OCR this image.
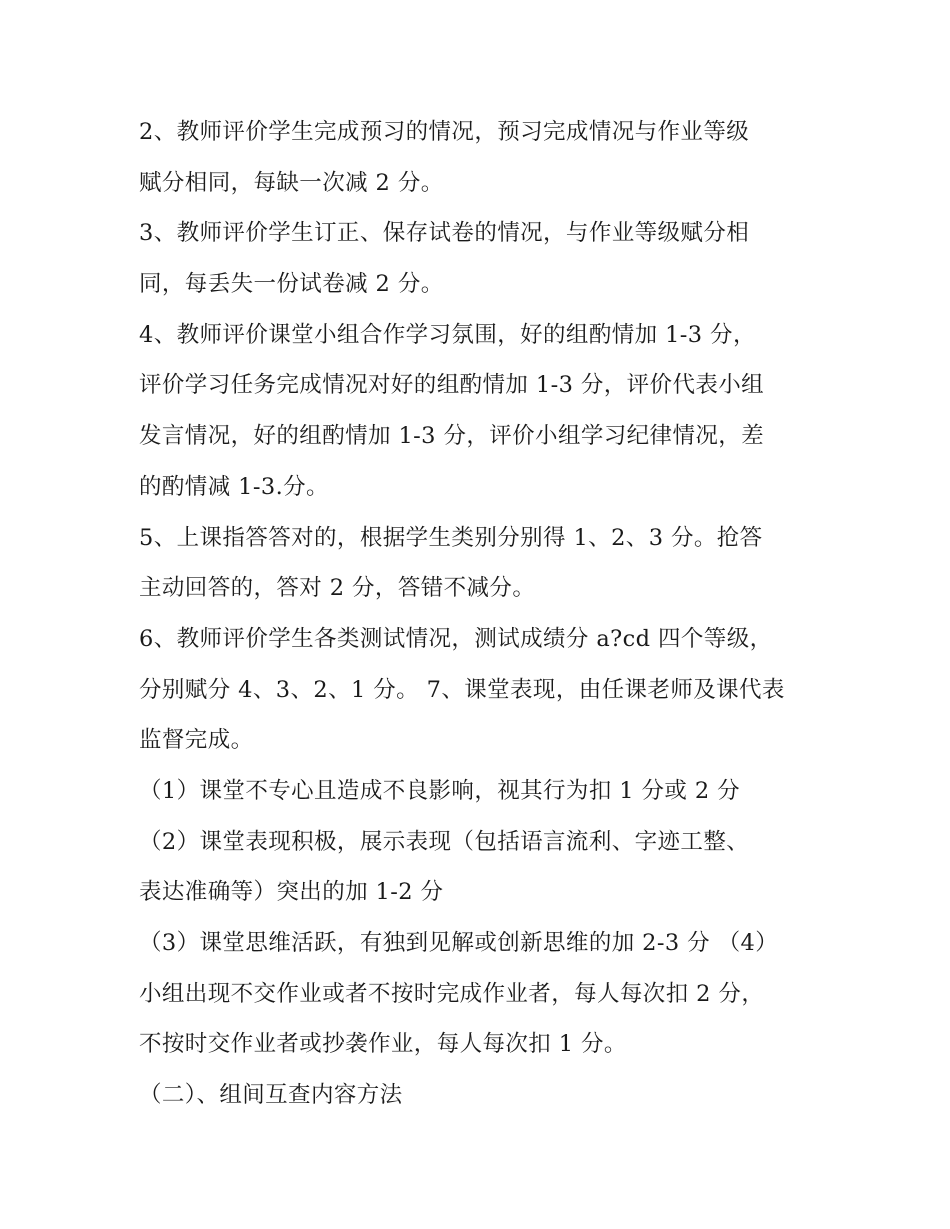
2、教师评价学生完成预习的情况，预习完成情况与作业等级
赋分相同，每缺一次减 2 分。
3、教师评价学生订正、保存试卷的情况，与作业等级赋分相
同，每丢失一份试卷减 2 分。
4、教师评价课堂小组合作学习氛围，好的组酌情加 1-3 分，
评价学习任务完成情况对好的组酌情加 1-3 分，评价代表小组
发言情况，好的组酌情加 1-3 分，评价小组学习纪律情况，差
的酌情减 1-3.分。
5、上课指答答对的，根据学生类别分别得 1、2、3 分。抢答
主动回答的，答对 2 分，答错不减分。
6、教师评价学生各类测试情况，测试成绩分 a?cd 四个等级，
分别赋分 4、3、2、1 分。 7、课堂表现，由任课老师及课代表
监督完成。
（1）课堂不专心且造成不良影响，视其行为扣 1 分或 2 分
（2）课堂表现积极，展示表现（包括语言流利、字迹工整、
表达准确等）突出的加 1-2 分
（3）课堂思维活跃，有独到见解或创新思维的加 2-3 分 （4）
小组出现不交作业或者不按时完成作业者，每人每次扣 2 分，
不按时交作业者或抄袭作业，每人每次扣 1 分。
（二）、组间互查内容方法
